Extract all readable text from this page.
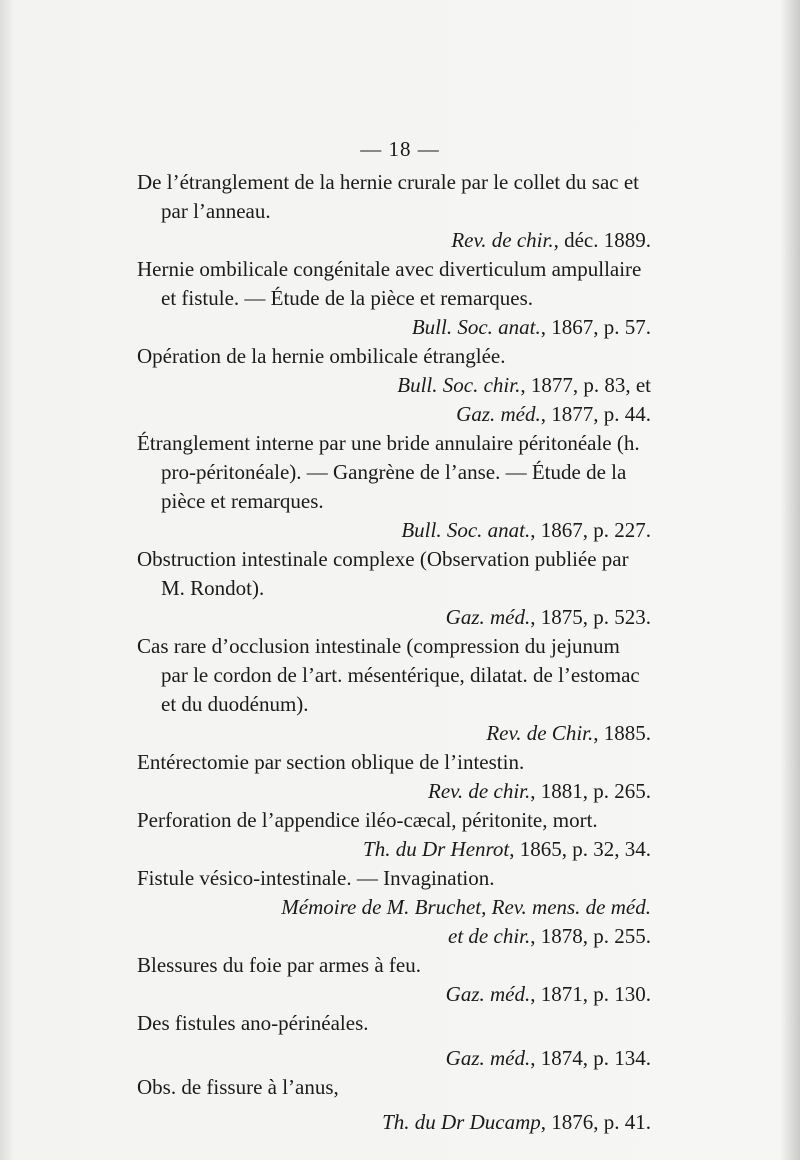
— 18 —

De l’étranglement de la hernie crurale par le collet du sac et par l’anneau.

Rev. de chir., déc. 1889.

Hernie ombilicale congénitale avec diverticulum ampullaire et fistule. — Étude de la pièce et remarques.

Bull. Soc. anat., 1867, p. 57.

Opération de la hernie ombilicale étranglée.

Bull. Soc. chir., 1877, p. 83, et

Gaz. méd., 1877, p. 44.

Étranglement interne par une bride annulaire péritonéale (h. pro-péritonéale). — Gangrène de l’anse. — Étude de la pièce et remarques.

Bull. Soc. anat., 1867, p. 227.

Obstruction intestinale complexe (Observation publiée par M. Rondot).

Gaz. méd., 1875, p. 523.

Cas rare d’occlusion intestinale (compression du jejunum par le cordon de l’art. mésentérique, dilatat. de l’estomac et du duodénum).

Rev. de Chir., 1885.

Entérectomie par section oblique de l’intestin.

Rev. de chir., 1881, p. 265.

Perforation de l’appendice iléo-cæcal, péritonite, mort.

Th. du Dr Henrot, 1865, p. 32, 34.

Fistule vésico-intestinale. — Invagination.

Mémoire de M. Bruchet, Rev. mens. de méd.

et de chir., 1878, p. 255.

Blessures du foie par armes à feu.

Gaz. méd., 1871, p. 130.

Des fistules ano-périnéales.

Gaz. méd., 1874, p. 134.

Obs. de fissure à l’anus,

Th. du Dr Ducamp, 1876, p. 41.
